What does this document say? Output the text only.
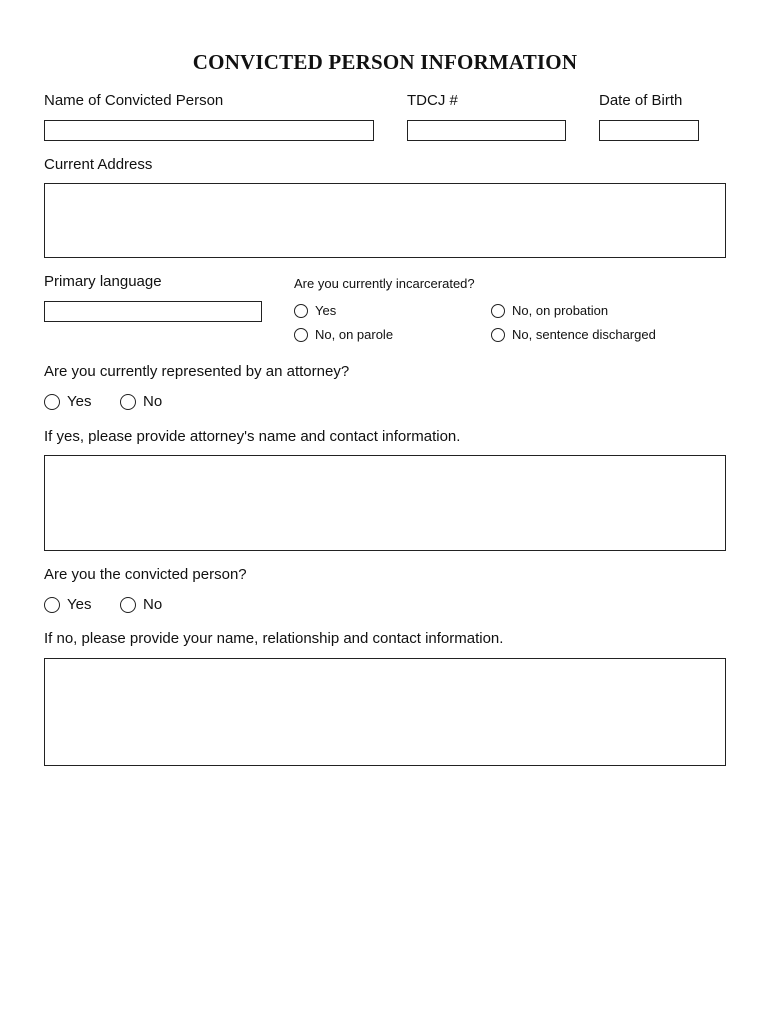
CONVICTED PERSON INFORMATION
Name of Convicted Person	TDCJ #	Date of Birth
Current Address
Primary language	Are you currently incarcerated?
Yes	No, on probation
No, on parole	No, sentence discharged
Are you currently represented by an attorney?
Yes	No
If yes, please provide attorney's name and contact information.
Are you the convicted person?
Yes	No
If no, please provide your name, relationship and contact information.
